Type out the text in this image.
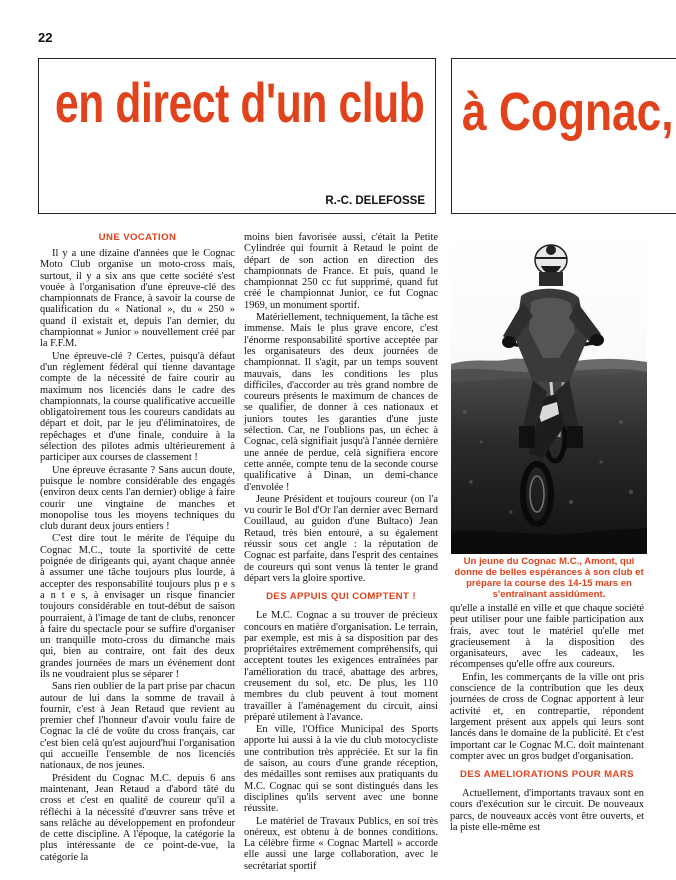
22
en direct d'un club
R.-C. DELEFOSSE
à Cognac,
UNE VOCATION

Il y a une dizaine d'années que le Cognac Moto Club organise un moto-cross mais, surtout, il y a six ans que cette société s'est vouée à l'organisation d'une épreuve-clé des championnats de France, à savoir la course de qualification du « National », du « 250 » quand il existait et, depuis l'an dernier, du championnat « Junior » nouvellement créé par la F.F.M.

Une épreuve-clé ? Certes, puisqu'à défaut d'un règlement fédéral qui tienne davantage compte de la nécessité de faire courir au maximum nos licenciés dans le cadre des championnats, la course qualificative accueille obligatoirement tous les coureurs candidats au départ et doit, par le jeu d'éliminatoires, de repêchages et d'une finale, conduire à la sélection des pilotes admis ultérieurement à participer aux courses de classement !

Une épreuve écrasante ? Sans aucun doute, puisque le nombre considérable des engagés (environ deux cents l'an dernier) oblige à faire courir une vingtaine de manches et monopolise tous les moyens techniques du club durant deux jours entiers !

C'est dire tout le mérite de l'équipe du Cognac M.C., toute la sportivité de cette poignée de dirigeants qui, ayant chaque année à assumer une tâche toujours plus lourde, à accepter des responsabilité toujours plus p e s a n t e s, à envisager un risque financier toujours considérable en tout-début de saison pourraient, à l'image de tant de clubs, renoncer à faire du spectacle pour se suffire d'organiser un tranquille moto-cross du dimanche mais qui, bien au contraire, ont fait des deux grandes journées de mars un événement dont ils ne voudraient plus se séparer !

Sans rien oublier de la part prise par chacun autour de lui dans la somme de travail à fournir, c'est à Jean Retaud que revient au premier chef l'honneur d'avoir voulu faire de Cognac la clé de voûte du cross français, car c'est bien celà qu'est aujourd'hui l'organisation qui accueille l'ensemble de nos licenciés nationaux, de nos jeunes.

Président du Cognac M.C. depuis 6 ans maintenant, Jean Retaud a d'abord tâté du cross et c'est en qualité de coureur qu'il a réfléchi à la nécessité d'œuvrer sans trêve et sans relâche au développement en profondeur de cette discipline. A l'époque, la catégorie la plus intéressante de ce point-de-vue, la catégorie la

moins bien favorisée aussi, c'était la Petite Cylindrée qui fournit à Retaud le point de départ de son action en direction des championnats de France. Et puis, quand le championnat 250 cc fut supprimé, quand fut créé le championnat Junior, ce fut Cognac 1969, un monument sportif.

Matériellement, techniquement, la tâche est immense. Mais le plus grave encore, c'est l'énorme responsabilité sportive acceptée par les organisateurs des deux journées de championnat. Il s'agit, par un temps souvent mauvais, dans les conditions les plus difficiles, d'accorder au très grand nombre de coureurs présents le maximum de chances de se qualifier, de donner à ces nationaux et juniors toutes les garanties d'une juste sélection. Car, ne l'oublions pas, un échec à Cognac, celà signifiait jusqu'à l'année dernière une année de perdue, celà signifiera encore cette année, compte tenu de la seconde course qualificative à Dinan, un demi-chance d'envolée !

Jeune Président et toujours coureur (on l'a vu courir le Bol d'Or l'an dernier avec Bernard Couillaud, au guidon d'une Bultaco) Jean Retaud, très bien entouré, a su également réussir sous cet angle : la réputation de Cognac est parfaite, dans l'esprit des centaines de coureurs qui sont venus là tenter le grand départ vers la gloire sportive.

DES APPUIS QUI COMPTENT !

Le M.C. Cognac a su trouver de précieux concours en matière d'organisation. Le terrain, par exemple, est mis à sa disposition par des propriétaires extrêmement compréhensifs, qui acceptent toutes les exigences entraînées par l'amélioration du tracé, abattage des arbres, creusement du sol, etc. De plus, les 110 membres du club peuvent à tout moment travailler à l'aménagement du circuit, ainsi préparé utilement à l'avance.

En ville, l'Office Municipal des Sports apporte lui aussi à la vie du club motocycliste une contribution très appréciée. Et sur la fin de saison, au cours d'une grande réception, des médailles sont remises aux pratiquants du M.C. Cognac qui se sont distingués dans les disciplines qu'ils servent avec une bonne réussite.

Le matériel de Travaux Publics, en soi très onéreux, est obtenu à de bonnes conditions. La célèbre firme « Cognac Martell » accorde elle aussi une large collaboration, avec le secrétariat sportif

Un jeune du Cognac M.C., Amont, qui donne de belles espérances à son club et prépare la course des 14-15 mars en s'entraînant assidûment.

qu'elle a installé en ville et que chaque société peut utiliser pour une faible participation aux frais, avec tout le matériel qu'elle met gracieusement à la disposition des organisateurs, avec les cadeaux, les récompenses qu'elle offre aux coureurs.

Enfin, les commerçants de la ville ont pris conscience de la contribution que les deux journées de cross de Cognac apportent à leur activité et, en contrepartie, répondent largement présent aux appels qui leurs sont lancés dans le domaine de la publicité. Et c'est important car le Cognac M.C. doit maintenant compter avec un gros budget d'organisation.

DES AMELIORATIONS POUR MARS

Actuellement, d'importants travaux sont en cours d'exécution sur le circuit. De nouveaux parcs, de nouveaux accès vont être ouverts, et la piste elle-même est
